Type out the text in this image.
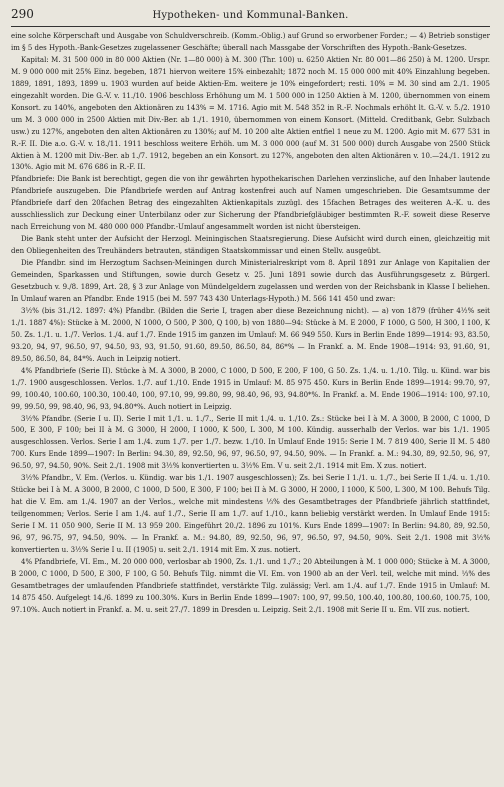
290	Hypotheken- und Kommunal-Banken.

eine solche Körperschaft und Ausgabe von Schuldverschreib. (Komm.-Oblig.) auf Grund so erworbener Forder.; — 4) Betrieb sonstiger im § 5 des Hypoth.-Bank-Gesetzes zugelassener Geschäfte; überall nach Massgabe der Vorschriften des Hypoth.-Bank-Gesetzes.

Kapital: M. 31 500 000 in 80 000 Aktien (Nr. 1—80 000) à M. 300 (Thr. 100) u. 6250 Aktien Nr. 80 001—86 250) à M. 1200. Urspr. M. 9 000 000 mit 25% Einz. begeben, 1871 hiervon weitere 15% einbezahlt; 1872 noch M. 15 000 000 mit 40% Einzahlung begeben. 1889, 1891, 1893, 1899 u. 1903 wurden auf beide Aktien-Em. weitere je 10% eingefordert; resti. 10% = M. 30 sind am 2./1. 1905 eingezahlt worden. Die G.-V. v. 11./10. 1906 beschloss Erhöhung um M. 1 500 000 in 1250 Aktien à M. 1200, übernommen von einem Konsort. zu 140%, angeboten den Aktionären zu 143% = M. 1716. Agio mit M. 548 352 in R.-F. Nochmals erhöht lt. G.-V. v. 5./2. 1910 um M. 3 000 000 in 2500 Aktien mit Div.-Ber. ab 1./1. 1910, übernommen von einem Konsort. (Mitteld. Creditbank, Gebr. Sulzbach usw.) zu 127%, angeboten den alten Aktionären zu 130%; auf M. 10 200 alte Aktien entfiel 1 neue zu M. 1200. Agio mit M. 677 531 in R.-F. II. Die a.o. G.-V. v. 18./11. 1911 beschloss weitere Erhöh. um M. 3 000 000 (auf M. 31 500 000) durch Ausgabe von 2500 Stück Aktien à M. 1200 mit Div.-Ber. ab 1./7. 1912, begeben an ein Konsort. zu 127%, angeboten den alten Aktionären v. 10.—24./1. 1912 zu 130%. Agio mit M. 676 686 in R.-F. II.

Pfandbriefe: Die Bank ist berechtigt, gegen die von ihr gewährten hypothekarischen Darlehen verzinsliche, auf den Inhaber lautende Pfandbriefe auszugeben. Die Pfandbriefe werden auf Antrag kostenfrei auch auf Namen umgeschrieben. Die Gesamtsumme der Pfandbriefe darf den 20fachen Betrag des eingezahlten Aktienkapitals zuzügl. des 15fachen Betrages des weiteren A.-K. u. des ausschliesslich zur Deckung einer Unterbilanz oder zur Sicherung der Pfandbriefgläubiger bestimmten R.-F. soweit diese Reserve nach Erreichung von M. 480 000 000 Pfandbr.-Umlauf angesammelt worden ist nicht übersteigen.

Die Bank steht unter der Aufsicht der Herzogl. Meiningischen Staatsregierung. Diese Aufsicht wird durch einen, gleichzeitig mit den Obliegenheiten des Treuhänders betrauten, ständigen Staatskommissar und einen Stellv. ausgeübt.

Die Pfandbr. sind im Herzogtum Sachsen-Meiningen durch Ministerialreskript vom 8. April 1891 zur Anlage von Kapitalien der Gemeinden, Sparkassen und Stiftungen, sowie durch Gesetz v. 25. Juni 1891 sowie durch das Ausführungsgesetz z. Bürgerl. Gesetzbuch v. 9./8. 1899, Art. 28, § 3 zur Anlage von Mündelgeldern zugelassen und werden von der Reichsbank in Klasse I beliehen. In Umlauf waren an Pfandbr. Ende 1915 (bei M. 597 743 430 Unterlags-Hypoth.) M. 566 141 450 und zwar:

3½% (bis 31./12. 1897: 4%) Pfandbr. (Bilden die Serie I, tragen aber diese Bezeichnung nicht). — a) von 1879 (früher 4½% seit 1./1. 1887 4%): Stücke à M. 2000, N 1000, O 500, P 300, Q 100, b) von 1880—94: Stücke à M. E 2000, F 1000, G 500, H 300, I 100, K 50. Zs. 1./1. u. 1./7. Verlos. 1./4. auf 1./7. Ende 1915 im ganzen im Umlauf: M. 66 949 550. Kurs in Berlin Ende 1899—1914: 93, 83.50, 93.20, 94, 97, 96.50, 97, 94.50, 93, 93, 91.50, 91.60, 89.50, 86.50, 84, 86*% — In Frankf. a. M. Ende 1908—1914: 93, 91.60, 91, 89.50, 86.50, 84, 84*%. Auch in Leipzig notiert.

4% Pfandbriefe (Serie II). Stücke à M. A 3000, B 2000, C 1000, D 500, E 200, F 100, G 50. Zs. 1./4. u. 1./10. Tilg. u. Künd. war bis 1./7. 1900 ausgeschlossen. Verlos. 1./7. auf 1./10. Ende 1915 in Umlauf: M. 85 975 450. Kurs in Berlin Ende 1899—1914: 99.70, 97, 99, 100.40, 100.60, 100.30, 100.40, 100, 97.10, 99, 99.80, 99, 98.40, 96, 93, 94.80*%. In Frankf. a. M. Ende 1906—1914: 100, 97.10, 99, 99.50, 99, 98.40, 96, 93, 94.80*%. Auch notiert in Leipzig.

3½% Pfandbr. (Serie I u. II). Serie I mit 1./1. u. 1./7., Serie II mit 1./4. u. 1./10. Zs.: Stücke bei I à M. A 3000, B 2000, C 1000, D 500, E 300, F 100; bei II à M. G 3000, H 2000, I 1000, K 500, L 300, M 100. Kündig. ausserhalb der Verlos. war bis 1./1. 1905 ausgeschlossen. Verlos. Serie I am 1./4. zum 1./7. per 1./7. bezw. 1./10. In Umlauf Ende 1915: Serie I M. 7 819 400, Serie II M. 5 480 700. Kurs Ende 1899—1907: In Berlin: 94.30, 89, 92.50, 96, 97, 96.50, 97, 94.50, 90%. — In Frankf. a. M.: 94.30, 89, 92.50, 96, 97, 96.50, 97, 94.50, 90%. Seit 2./1. 1908 mit 3½% konvertierten u. 3½% Em. V u. seit 2./1. 1914 mit Em. X zus. notiert.

3½% Pfandbr., V. Em. (Verlos. u. Kündig. war bis 1./1. 1907 ausgeschlossen); Zs. bei Serie I 1./1. u. 1./7., bei Serie II 1./4. u. 1./10. Stücke bei I à M. A 3000, B 2000, C 1000, D 500, E 300, F 100; bei II à M. G 3000, H 2000, I 1000, K 500, L 300, M 100. Behufs Tilg. hat die V. Em. am 1./4. 1907 an der Verlos., welche mit mindestens ⅓% des Gesamtbetrages der Pfandbriefe jährlich stattfindet, teilgenommen; Verlos. Serie I am 1./4. auf 1./7., Serie II am 1./7. auf 1./10., kann beliebig verstärkt werden. In Umlauf Ende 1915: Serie I M. 11 050 900, Serie II M. 13 959 200. Eingeführt 20./2. 1896 zu 101%. Kurs Ende 1899—1907: In Berlin: 94.80, 89, 92.50, 96, 97, 96.75, 97, 94.50, 90%. — In Frankf. a. M.: 94.80, 89, 92.50, 96, 97, 96.50, 97, 94.50, 90%. Seit 2./1. 1908 mit 3½% konvertierten u. 3½% Serie I u. II (1905) u. seit 2./1. 1914 mit Em. X zus. notiert.

4% Pfandbriefe, VI. Em., M. 20 000 000, verlosbar ab 1900, Zs. 1./1. und 1./7.; 20 Abteilungen à M. 1 000 000; Stücke à M. A 3000, B 2000, C 1000, D 500, E 300, F 100, G 50. Behufs Tilg. nimmt die VI. Em. von 1900 ab an der Verl. teil, welche mit mind. ⅓% des Gesamtbetrages der umlaufenden Pfandbriefe stattfindet, verstärkte Tilg. zulässig; Verl. am 1./4. auf 1./7. Ende 1915 in Umlauf: M. 14 875 450. Aufgelegt 14./6. 1899 zu 100.30%. Kurs in Berlin Ende 1899—1907: 100, 97, 99.50, 100.40, 100.80, 100.60, 100.75, 100, 97.10%. Auch notiert in Frankf. a. M. u. seit 27./7. 1899 in Dresden u. Leipzig. Seit 2./1. 1908 mit Serie II u. Em. VII zus. notiert.
